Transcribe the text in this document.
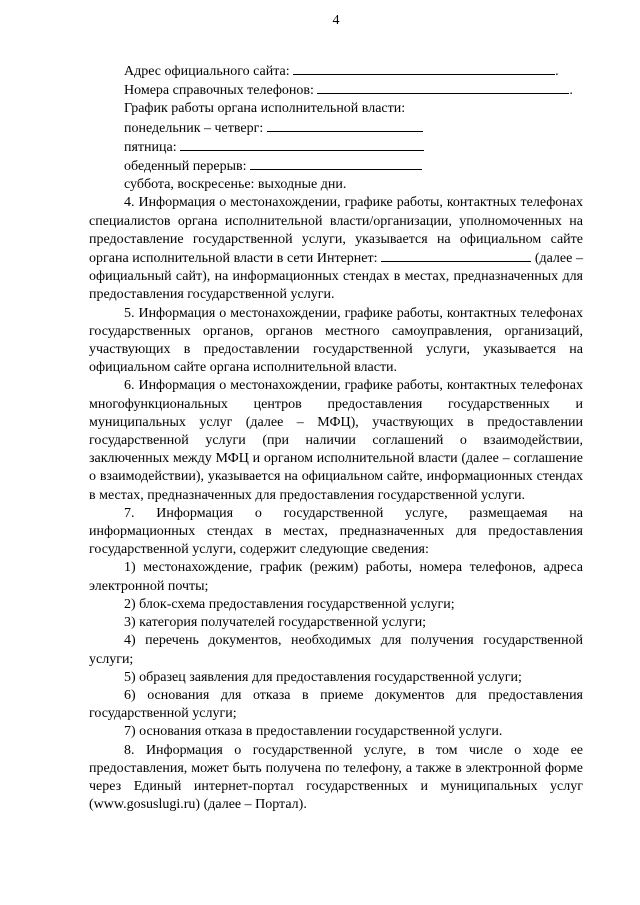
4
Адрес официального сайта:	.
Номера справочных телефонов:	.
График работы органа исполнительной власти:
понедельник – четверг:
пятница:
обеденный перерыв:
суббота, воскресенье: выходные дни.

4. Информация о местонахождении, графике работы, контактных телефонах специалистов органа исполнительной власти/организации, уполномоченных на предоставление государственной услуги, указывается на официальном сайте органа исполнительной власти в сети Интернет:	(далее – официальный сайт), на информационных стендах в местах, предназначенных для предоставления государственной услуги.

5. Информация о местонахождении, графике работы, контактных телефонах государственных органов, органов местного самоуправления, организаций, участвующих в предоставлении государственной услуги, указывается на официальном сайте органа исполнительной власти.

6. Информация о местонахождении, графике работы, контактных телефонах многофункциональных центров предоставления государственных и муниципальных услуг (далее – МФЦ), участвующих в предоставлении государственной услуги (при наличии соглашений о взаимодействии, заключенных между МФЦ и органом исполнительной власти (далее – соглашение о взаимодействии), указывается на официальном сайте, информационных стендах в местах, предназначенных для предоставления государственной услуги.

7. Информация о государственной услуге, размещаемая на информационных стендах в местах, предназначенных для предоставления государственной услуги, содержит следующие сведения:

1) местонахождение, график (режим) работы, номера телефонов, адреса электронной почты;

2) блок-схема предоставления государственной услуги;

3) категория получателей государственной услуги;

4) перечень документов, необходимых для получения государственной услуги;

5) образец заявления для предоставления государственной услуги;

6) основания для отказа в приеме документов для предоставления государственной услуги;

7) основания отказа в предоставлении государственной услуги.

8. Информация о государственной услуге, в том числе о ходе ее предоставления, может быть получена по телефону, а также в электронной форме через Единый интернет-портал государственных и муниципальных услуг (www.gosuslugi.ru) (далее – Портал).
